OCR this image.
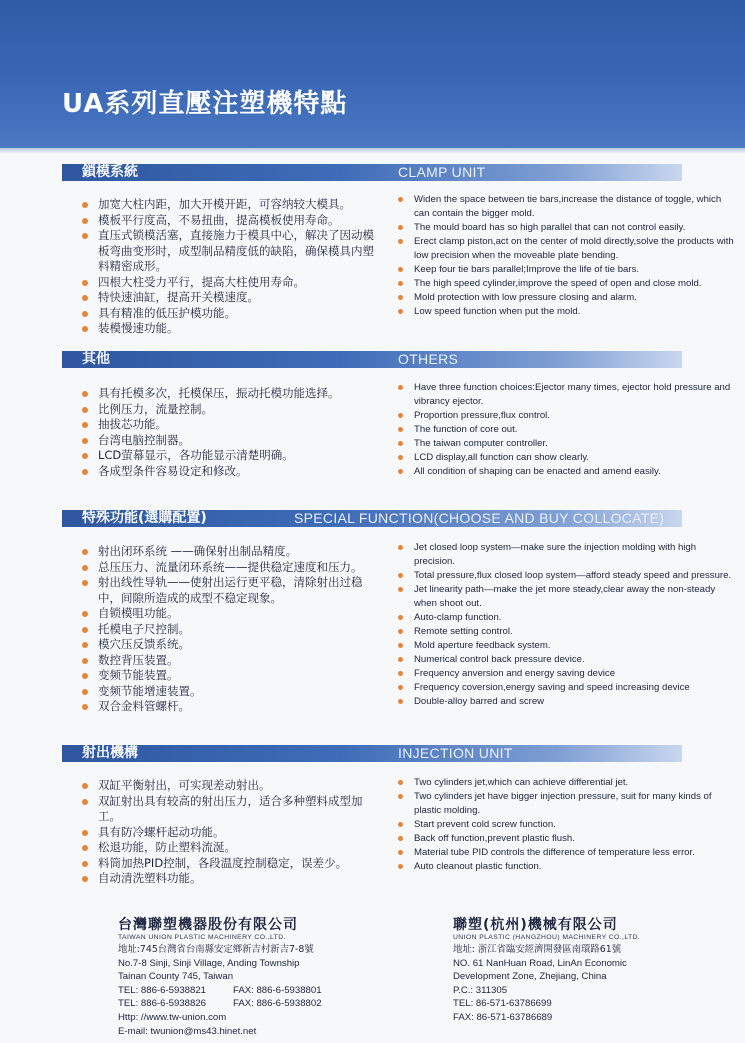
UA系列直壓注塑機特點
鎖模系統	CLAMP UNIT
加宽大柱内距，加大开模开距，可容纳较大模具。
模板平行度高，不易扭曲，提高模板使用寿命。
直压式锁模活塞，直接施力于模具中心，解决了因动模板弯曲变形时，成型制品精度低的缺陷，确保模具内塑料精密成形。
四根大柱受力平行，提高大柱使用寿命。
特快速油缸，提高开关模速度。
具有精准的低压护模功能。
装模慢速功能。
Widen the space between tie bars,increase the distance of toggle, which can contain the bigger mold.
The mould board has so high parallel that can not control easily.
Erect clamp piston,act on the center of mold directly,solve the products with low precision when the moveable plate bending.
Keep four tie bars parallel;Improve the life of tie bars.
The high speed cylinder,improve the speed of open and close mold.
Mold protection with low pressure closing and alarm.
Low speed function when put the mold.
其他	OTHERS
具有托模多次，托模保压，振动托模功能选择。
比例压力，流量控制。
抽拔芯功能。
台湾电脑控制器。
LCD萤幕显示，各功能显示清楚明确。
各成型条件容易设定和修改。
Have three function choices:Ejector many times, ejector hold pressure and vibrancy ejector.
Proportion pressure,flux control.
The function of core out.
The taiwan computer controller.
LCD display,all function can show clearly.
All condition of shaping can be enacted and amend easily.
特殊功能(選購配置)	SPECIAL FUNCTION(CHOOSE AND BUY COLLOCATE)
射出闭环系统 ——确保射出制品精度。
总压压力、流量闭环系统——提供稳定速度和压力。
射出线性导轨——使射出运行更平稳，清除射出过稳中，间隙所造成的成型不稳定现象。
自锁模咀功能。
托模电子尺控制。
模穴压反馈系统。
数控背压装置。
变频节能装置。
变频节能增速装置。
双合金料管螺杆。
Jet closed loop system—make sure the injection molding with high precision.
Total pressure,flux closed loop system—afford steady speed and pressure.
Jet linearity path—make the jet more steady,clear away the non-steady when shoot out.
Auto-clamp function.
Remote setting control.
Mold aperture feedback system.
Numerical control back pressure device.
Frequency anversion and energy saving device
Frequency coversion,energy saving and speed increasing device
Double-alloy barred and screw
射出機構	INJECTION UNIT
双缸平衡射出，可实现差动射出。
双缸射出具有较高的射出压力，适合多种塑料成型加工。
具有防冷螺杆起动功能。
松退功能，防止塑料流涎。
料筒加热PID控制，各段温度控制稳定，误差少。
自动清洗塑料功能。
Two cylinders jet,which can achieve differential jet.
Two cylinders jet have bigger injection pressure, suit for many kinds of plastic molding.
Start prevent cold screw function.
Back off function,prevent plastic flush.
Material tube PID controls the difference of temperature less error.
Auto cleanout plastic function.
台灣聯塑機器股份有限公司
TAIWAN UNION PLASTIC MACHINERY CO.,LTD.
地址:745台灣省台南縣安定鄉新吉村新吉7-8號
No.7-8 Sinji, Sinji Village, Anding Township
Tainan County 745, Taiwan
TEL: 886-6-5938821	FAX: 886-6-5938801
TEL: 886-6-5938826	FAX: 886-6-5938802
Http: //www.tw-union.com
E-mail: twunion@ms43.hinet.net
聯塑(杭州)機械有限公司
UNION PLASTIC (HANGZHOU) MACHINERY CO.,LTD.
地址: 浙江省臨安經濟開發區南環路61號
NO. 61 NanHuan Road, LinAn Economic
Development Zone, Zhejiang, China
P.C.: 311305
TEL: 86-571-63786699
FAX: 86-571-63786689
